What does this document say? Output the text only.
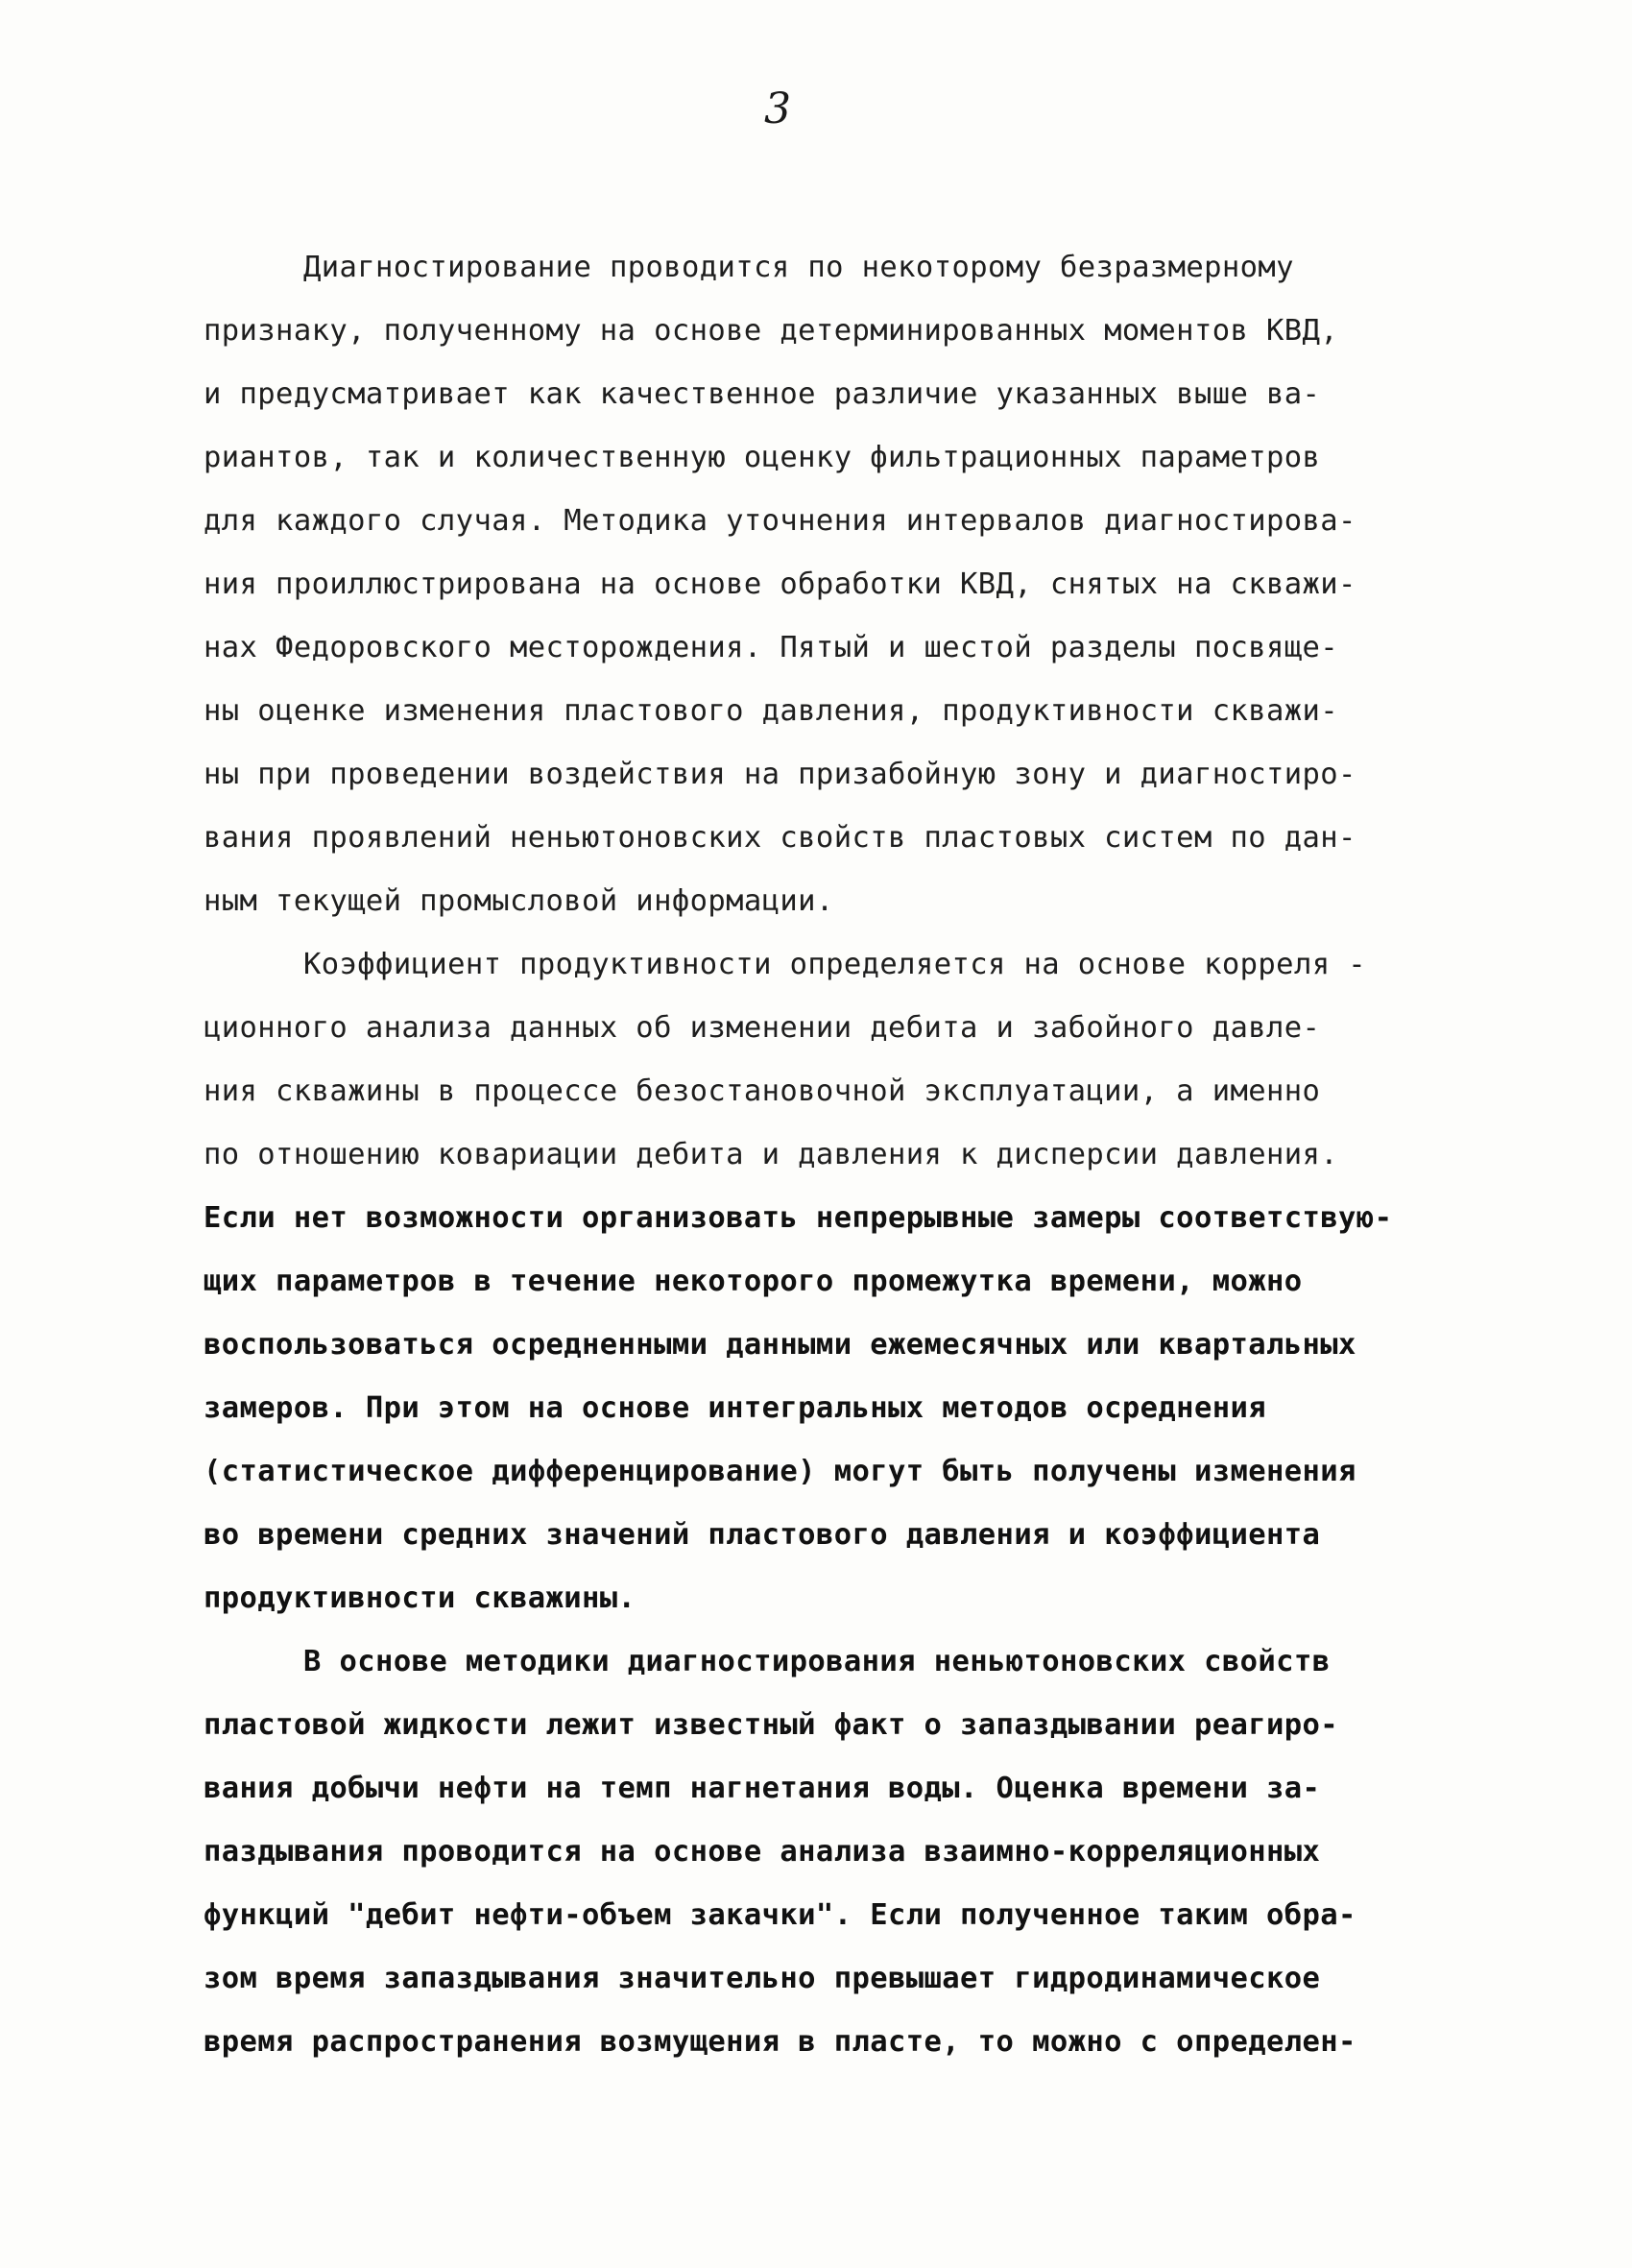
3
Диагностирование проводится по некоторому безразмерному
признаку, полученному на основе детерминированных моментов КВД,
и предусматривает как качественное различие указанных выше ва-
риантов, так и количественную оценку фильтрационных параметров
для каждого случая. Методика уточнения интервалов диагностирова-
ния проиллюстрирована на основе обработки КВД, снятых на скважи-
нах Федоровского месторождения. Пятый и шестой разделы посвяще-
ны оценке изменения пластового давления, продуктивности скважи-
ны при проведении воздействия на призабойную зону и диагностиро-
вания проявлений неньютоновских свойств пластовых систем по дан-
ным текущей промысловой информации.
Коэффициент продуктивности определяется на основе корреля -
ционного анализа данных об изменении дебита и забойного давле-
ния скважины в процессе безостановочной эксплуатации, а именно
по отношению ковариации дебита и давления к дисперсии давления.
Если нет возможности организовать непрерывные замеры соответствую-
щих параметров в течение некоторого промежутка времени, можно
воспользоваться осредненными данными ежемесячных или квартальных
замеров. При этом на основе интегральных методов осреднения
(статистическое дифференцирование) могут быть получены изменения
во времени средних значений пластового давления и коэффициента
продуктивности скважины.
В основе методики диагностирования неньютоновских свойств
пластовой жидкости лежит известный факт о запаздывании реагиро-
вания добычи нефти на темп нагнетания воды. Оценка времени за-
паздывания проводится на основе анализа взаимно-корреляционных
функций "дебит нефти-объем закачки". Если полученное таким обра-
зом время запаздывания значительно превышает гидродинамическое
время распространения возмущения в пласте, то можно с определен-
